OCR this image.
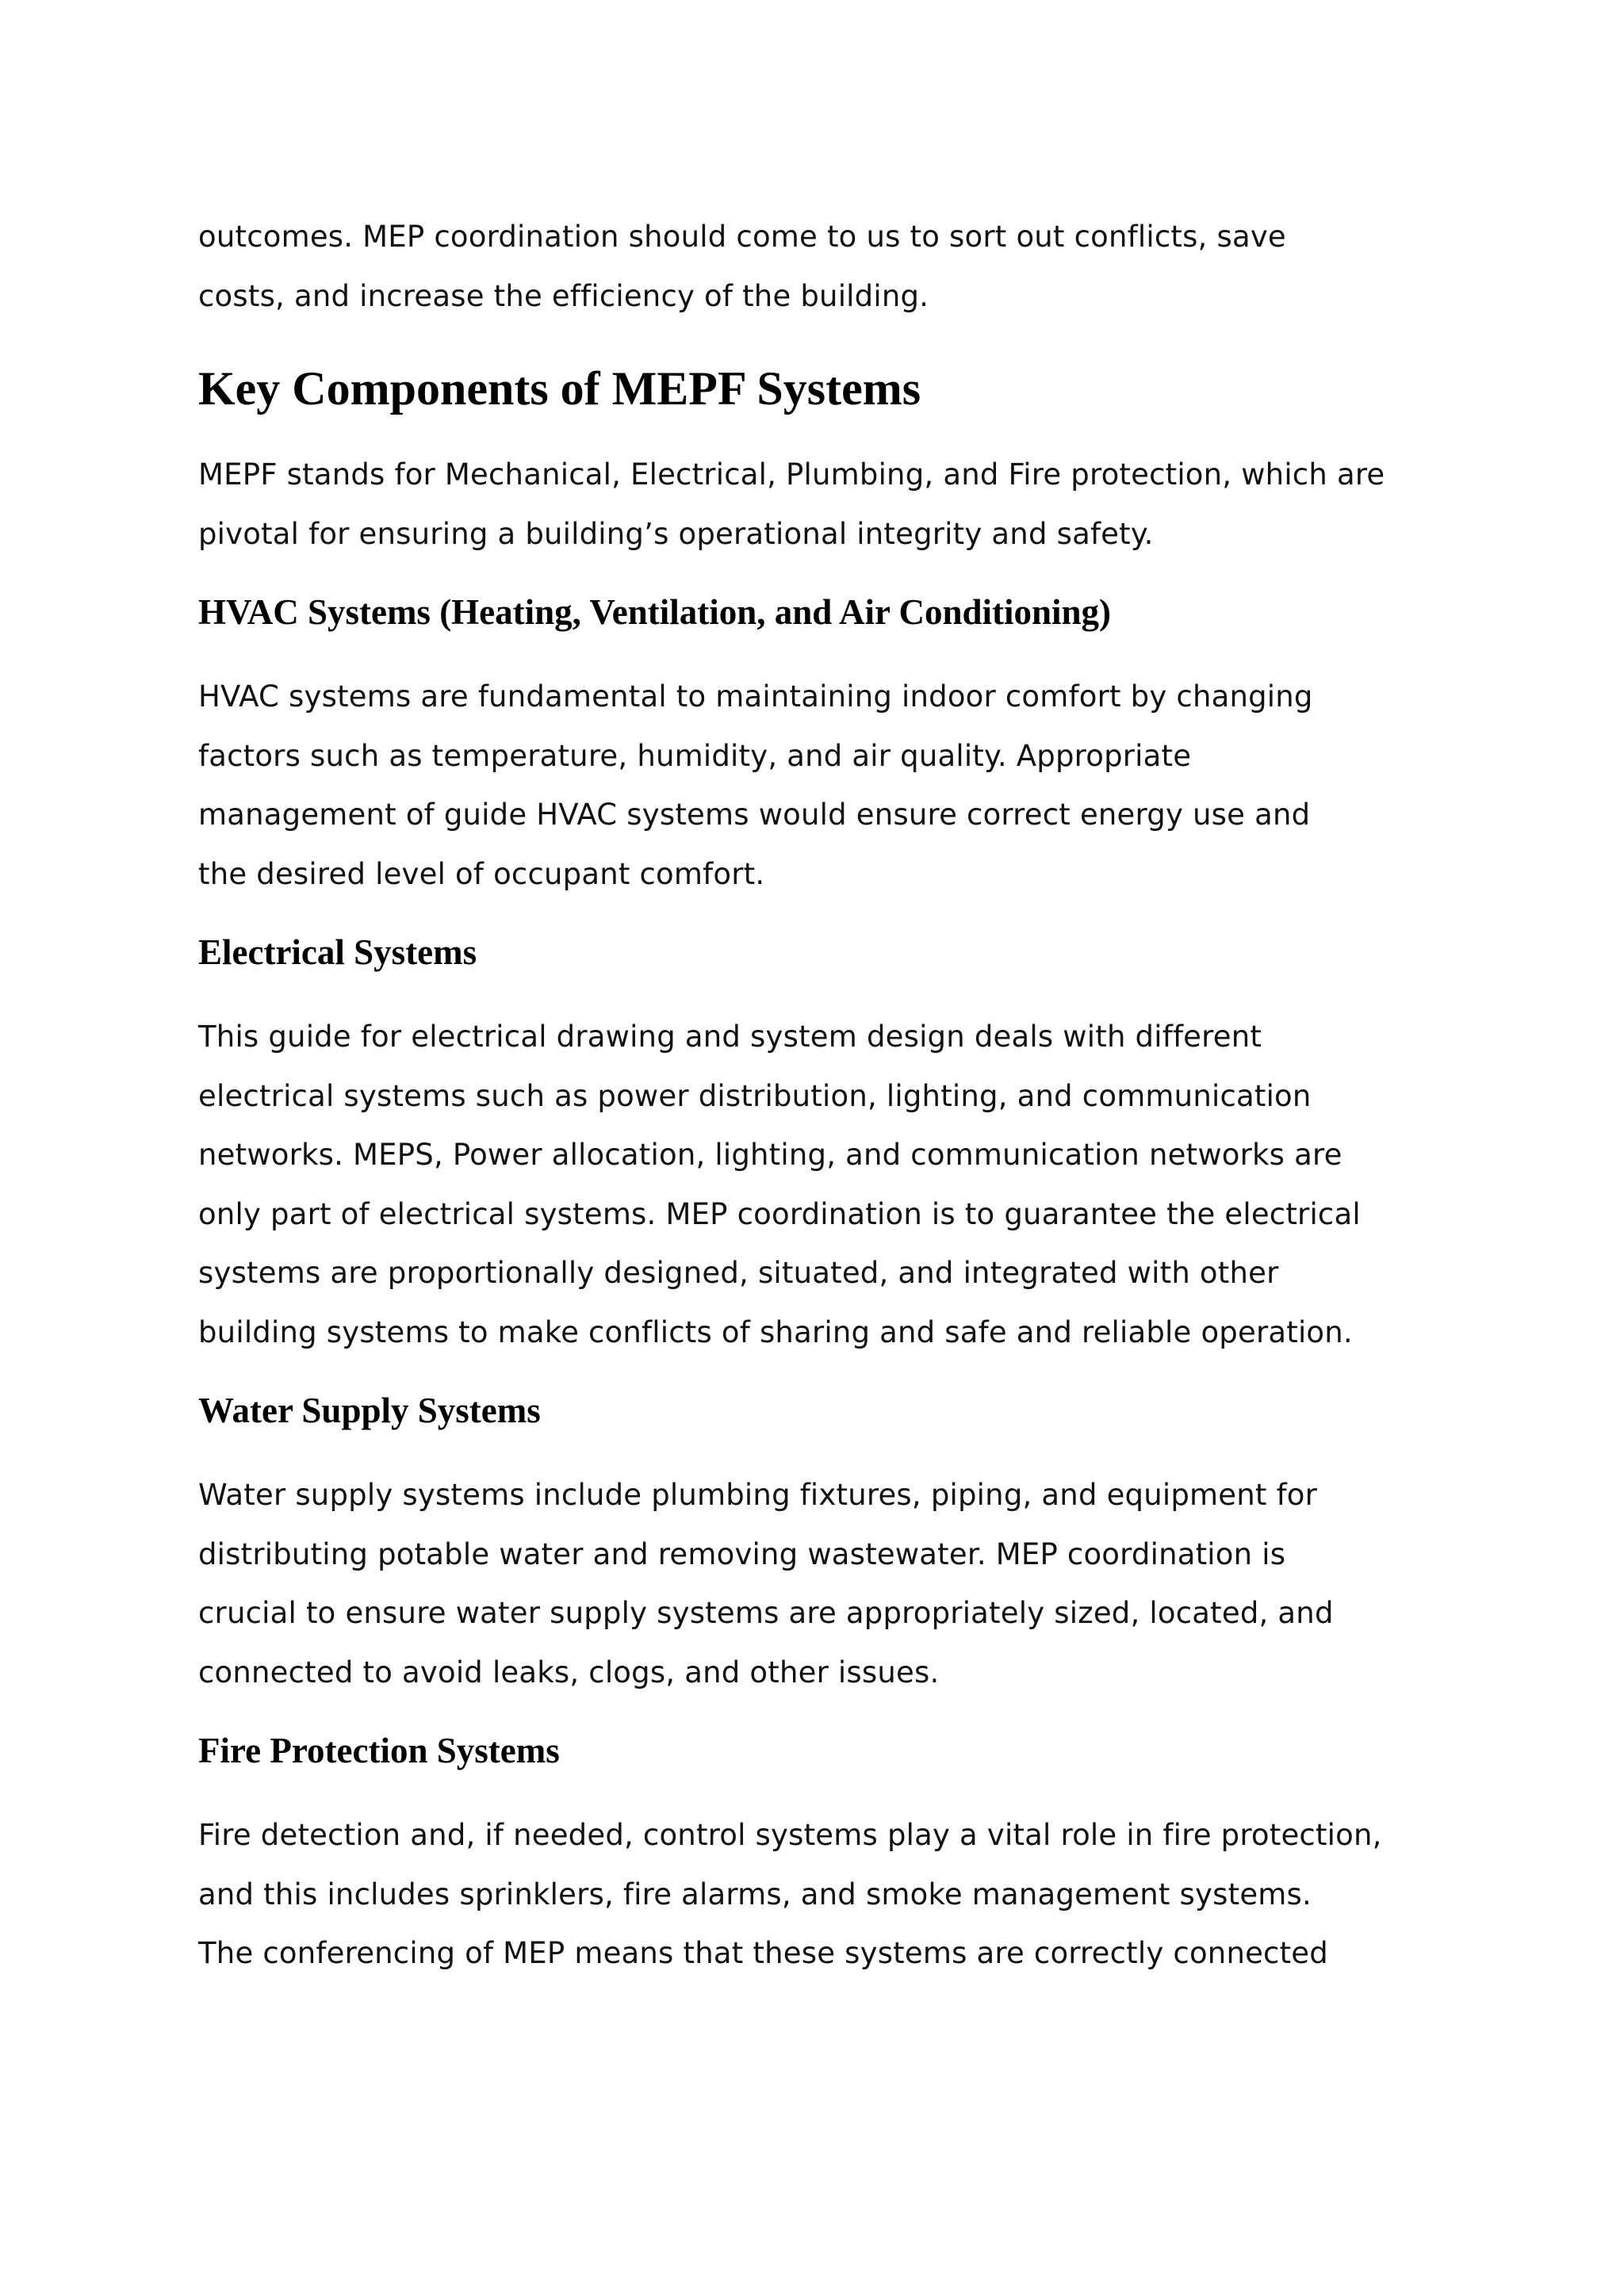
outcomes. MEP coordination should come to us to sort out conflicts, save
costs, and increase the efficiency of the building.

Key Components of MEPF Systems

MEPF stands for Mechanical, Electrical, Plumbing, and Fire protection, which are
pivotal for ensuring a building’s operational integrity and safety.

HVAC Systems (Heating, Ventilation, and Air Conditioning)

HVAC systems are fundamental to maintaining indoor comfort by changing
factors such as temperature, humidity, and air quality. Appropriate
management of guide HVAC systems would ensure correct energy use and
the desired level of occupant comfort.

Electrical Systems

This guide for electrical drawing and system design deals with different
electrical systems such as power distribution, lighting, and communication
networks. MEPS, Power allocation, lighting, and communication networks are
only part of electrical systems. MEP coordination is to guarantee the electrical
systems are proportionally designed, situated, and integrated with other
building systems to make conflicts of sharing and safe and reliable operation.

Water Supply Systems

Water supply systems include plumbing fixtures, piping, and equipment for
distributing potable water and removing wastewater. MEP coordination is
crucial to ensure water supply systems are appropriately sized, located, and
connected to avoid leaks, clogs, and other issues.

Fire Protection Systems

Fire detection and, if needed, control systems play a vital role in fire protection,
and this includes sprinklers, fire alarms, and smoke management systems.
The conferencing of MEP means that these systems are correctly connected
